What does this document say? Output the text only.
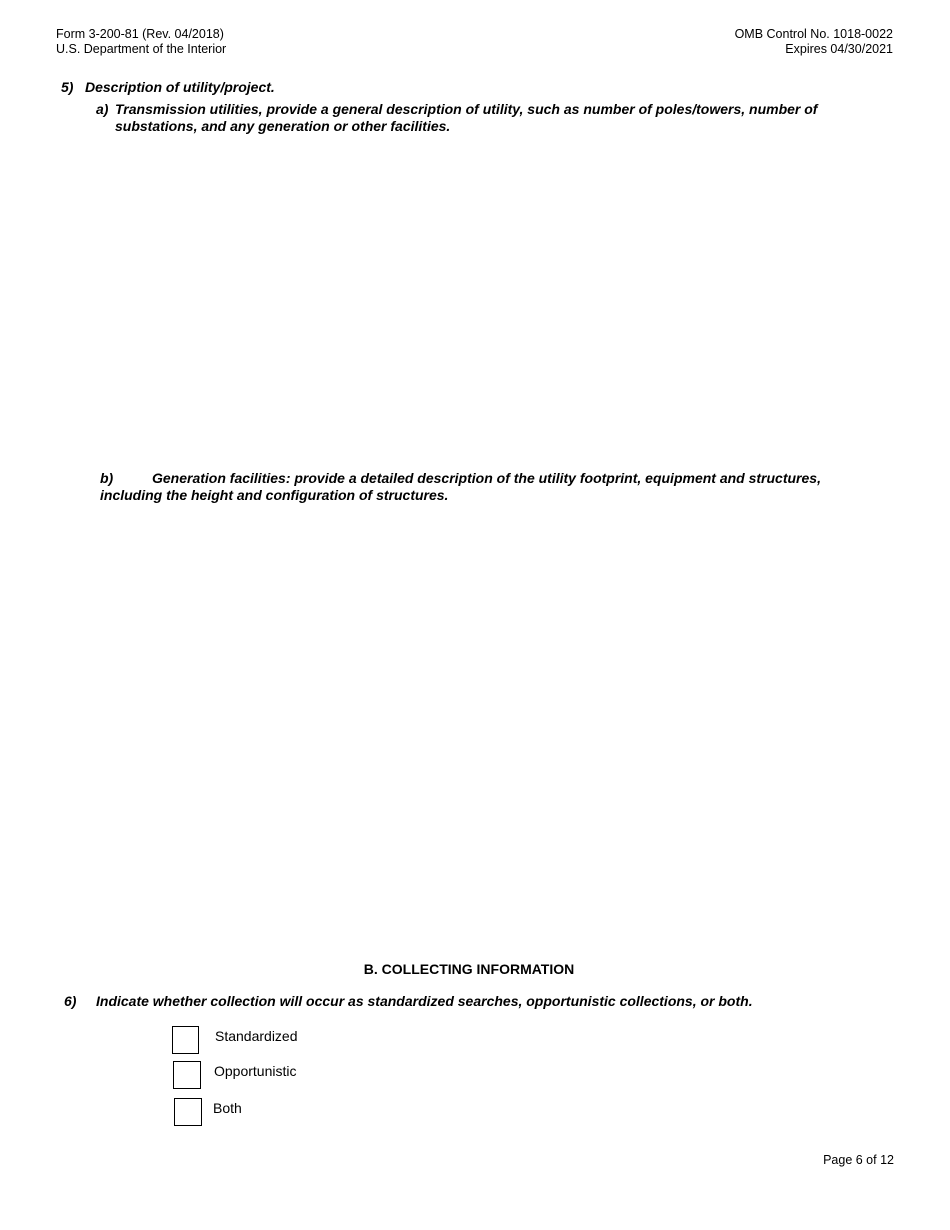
Form 3-200-81 (Rev. 04/2018)
U.S. Department of the Interior
OMB Control No. 1018-0022
Expires 04/30/2021
5) Description of utility/project.
a) Transmission utilities, provide a general description of utility, such as number of poles/towers, number of substations, and any generation or other facilities.
b)	Generation facilities: provide a detailed description of the utility footprint, equipment and structures, including the height and configuration of structures.
B. COLLECTING INFORMATION
6) Indicate whether collection will occur as standardized searches, opportunistic collections, or both.
Standardized
Opportunistic
Both
Page 6 of 12
